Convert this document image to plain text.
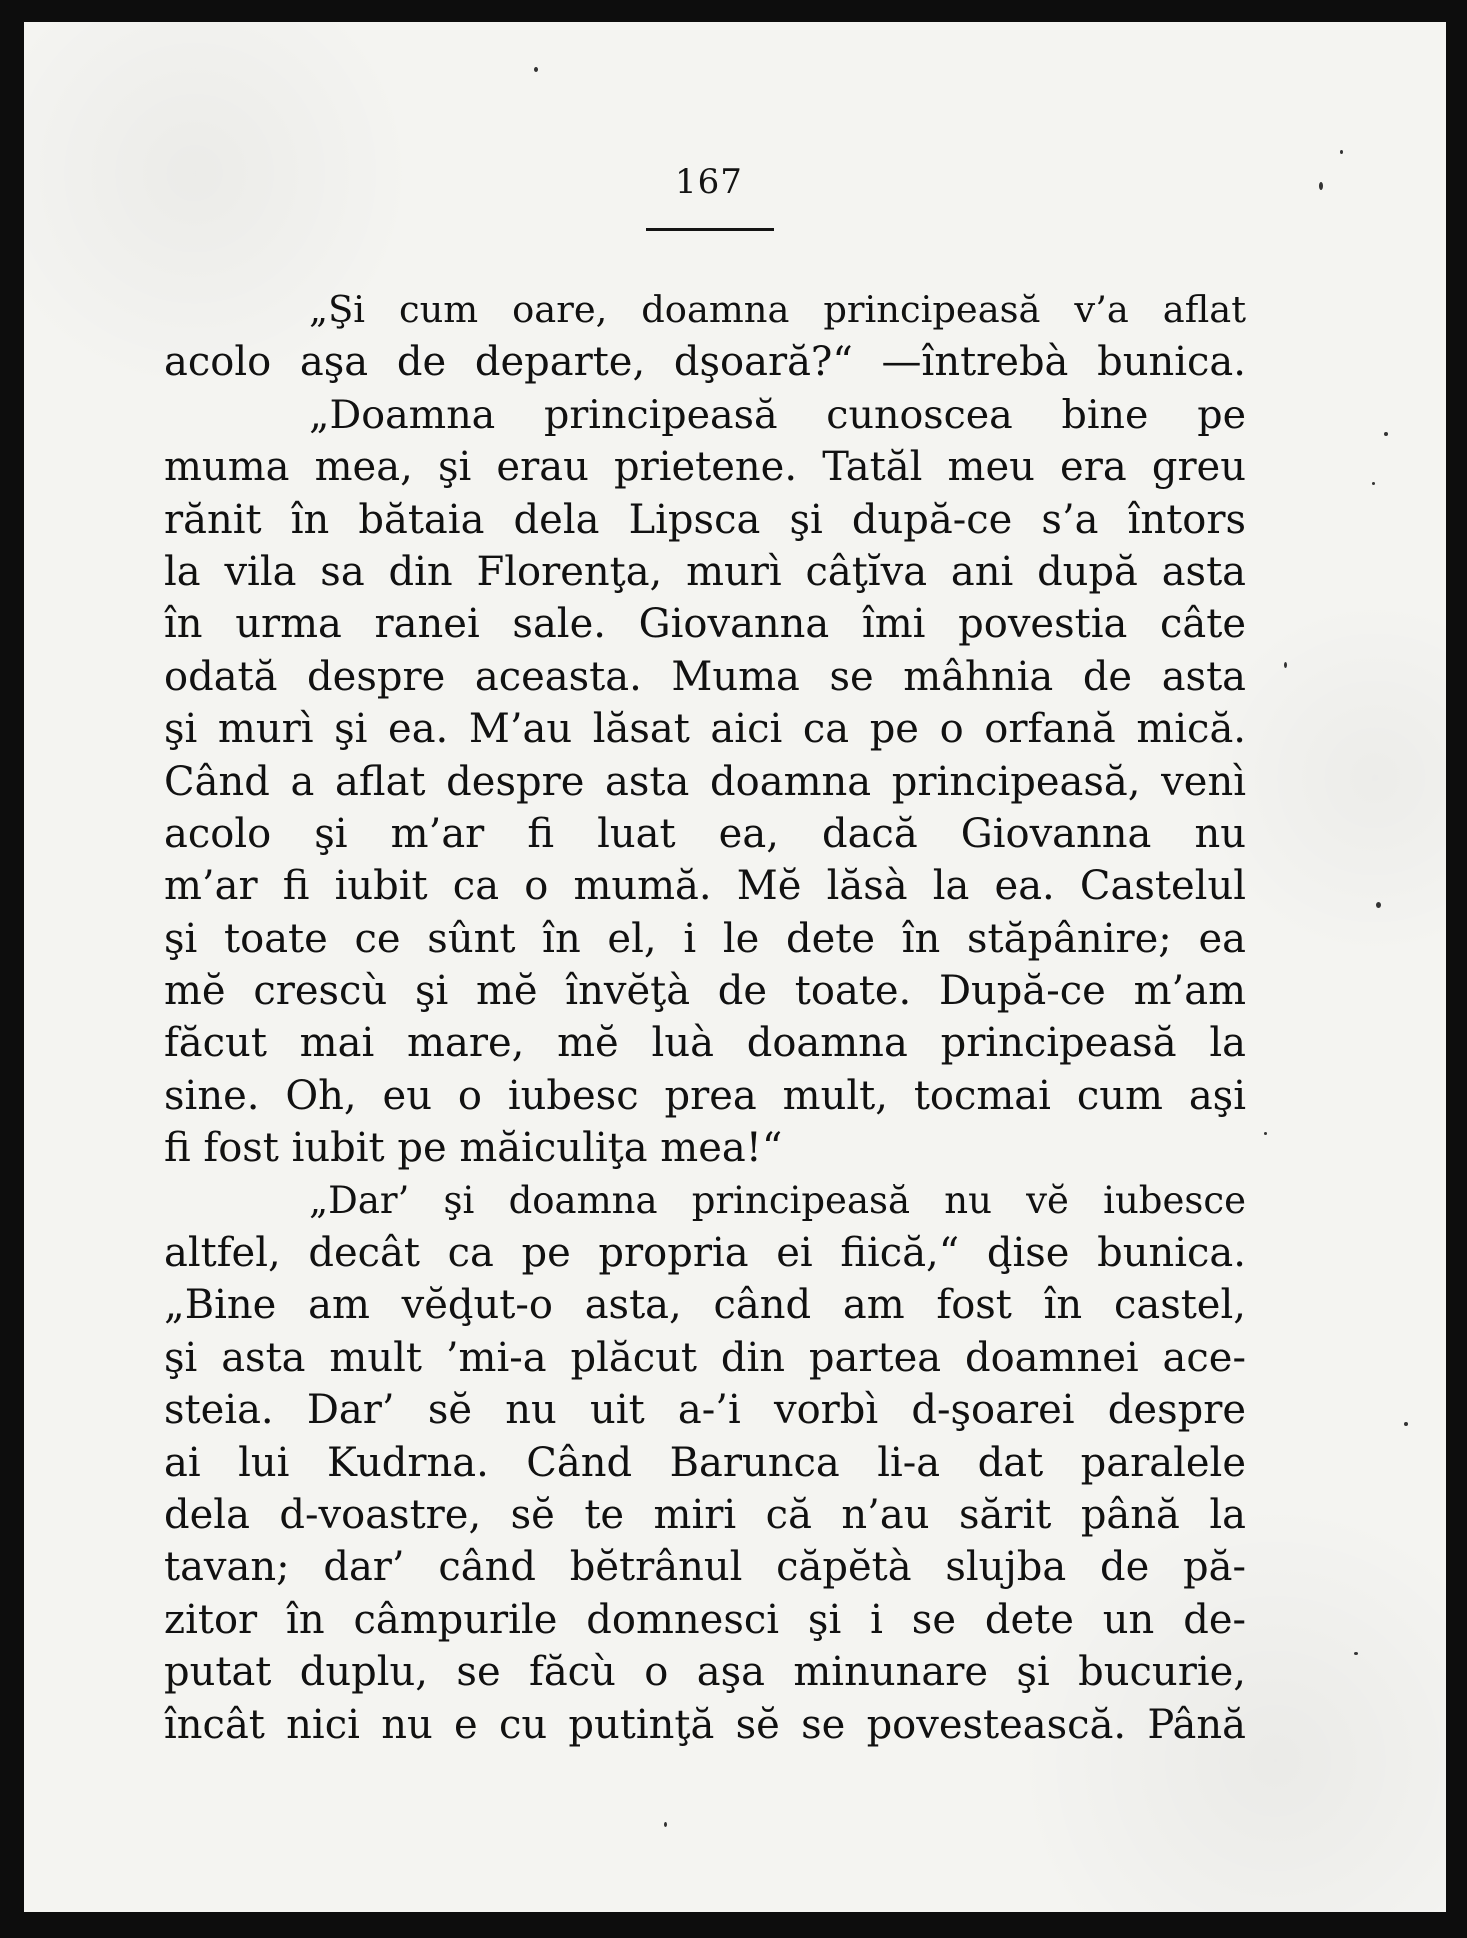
167
„Şi cum oare, doamna principeasă v’a aflat
acolo aşa de departe, dşoară?“ —întrebà bunica.
„Doamna principeasă cunoscea bine pe
muma mea, şi erau prietene. Tatăl meu era greu
rănit în bătaia dela Lipsca şi după-ce s’a întors
la vila sa din Florenţa, murì câţĭva ani după asta
în urma ranei sale. Giovanna îmi povestia câte
odată despre aceasta. Muma se mâhnia de asta
şi murì şi ea. M’au lăsat aici ca pe o orfană mică.
Când a aflat despre asta doamna principeasă, venì
acolo şi m’ar fi luat ea, dacă Giovanna nu
m’ar fi iubit ca o mumă. Mĕ lăsà la ea. Castelul
şi toate ce sûnt în el, i le dete în stăpânire; ea
mĕ crescù şi mĕ învĕţà de toate. După-ce m’am
făcut mai mare, mĕ luà doamna principeasă la
sine. Oh, eu o iubesc prea mult, tocmai cum aşi
fi fost iubit pe măiculiţa mea!“
„Dar’ şi doamna principeasă nu vĕ iubesce
altfel, decât ca pe propria ei fiică,“ ḑise bunica.
„Bine am vĕḑut-o asta, când am fost în castel,
şi asta mult ’mi-a plăcut din partea doamnei ace-
steia. Dar’ sĕ nu uit a-’i vorbì d-şoarei despre
ai lui Kudrna. Când Barunca li-a dat paralele
dela d-voastre, sĕ te miri că n’au sărit până la
tavan; dar’ când bĕtrânul căpĕtà slujba de pă-
zitor în câmpurile domnesci şi i se dete un de-
putat duplu, se făcù o aşa minunare şi bucurie,
încât nici nu e cu putinţă sĕ se povestească. Până
